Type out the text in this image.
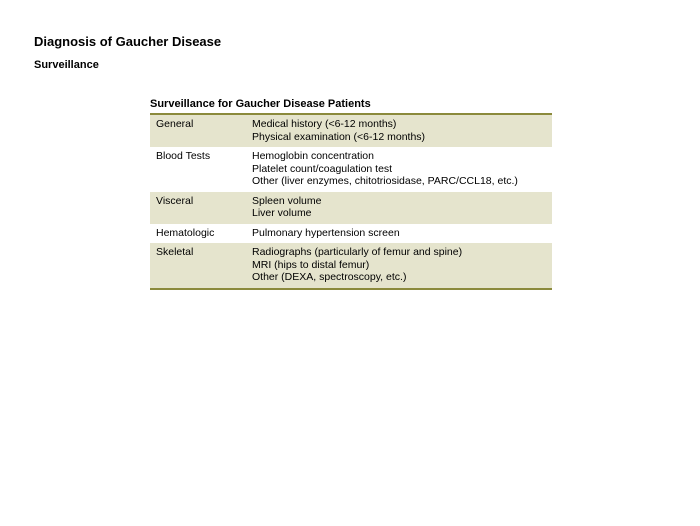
Diagnosis of Gaucher Disease
Surveillance
Surveillance for Gaucher Disease Patients
General	Medical history (<6-12 months)
Physical examination (<6-12 months)

Blood Tests	Hemoglobin concentration
Platelet count/coagulation test
Other (liver enzymes, chitotriosidase, PARC/CCL18, etc.)

Visceral	Spleen volume
Liver volume

Hematologic	Pulmonary hypertension screen

Skeletal	Radiographs (particularly of femur and spine)
MRI (hips to distal femur)
Other (DEXA, spectroscopy, etc.)
